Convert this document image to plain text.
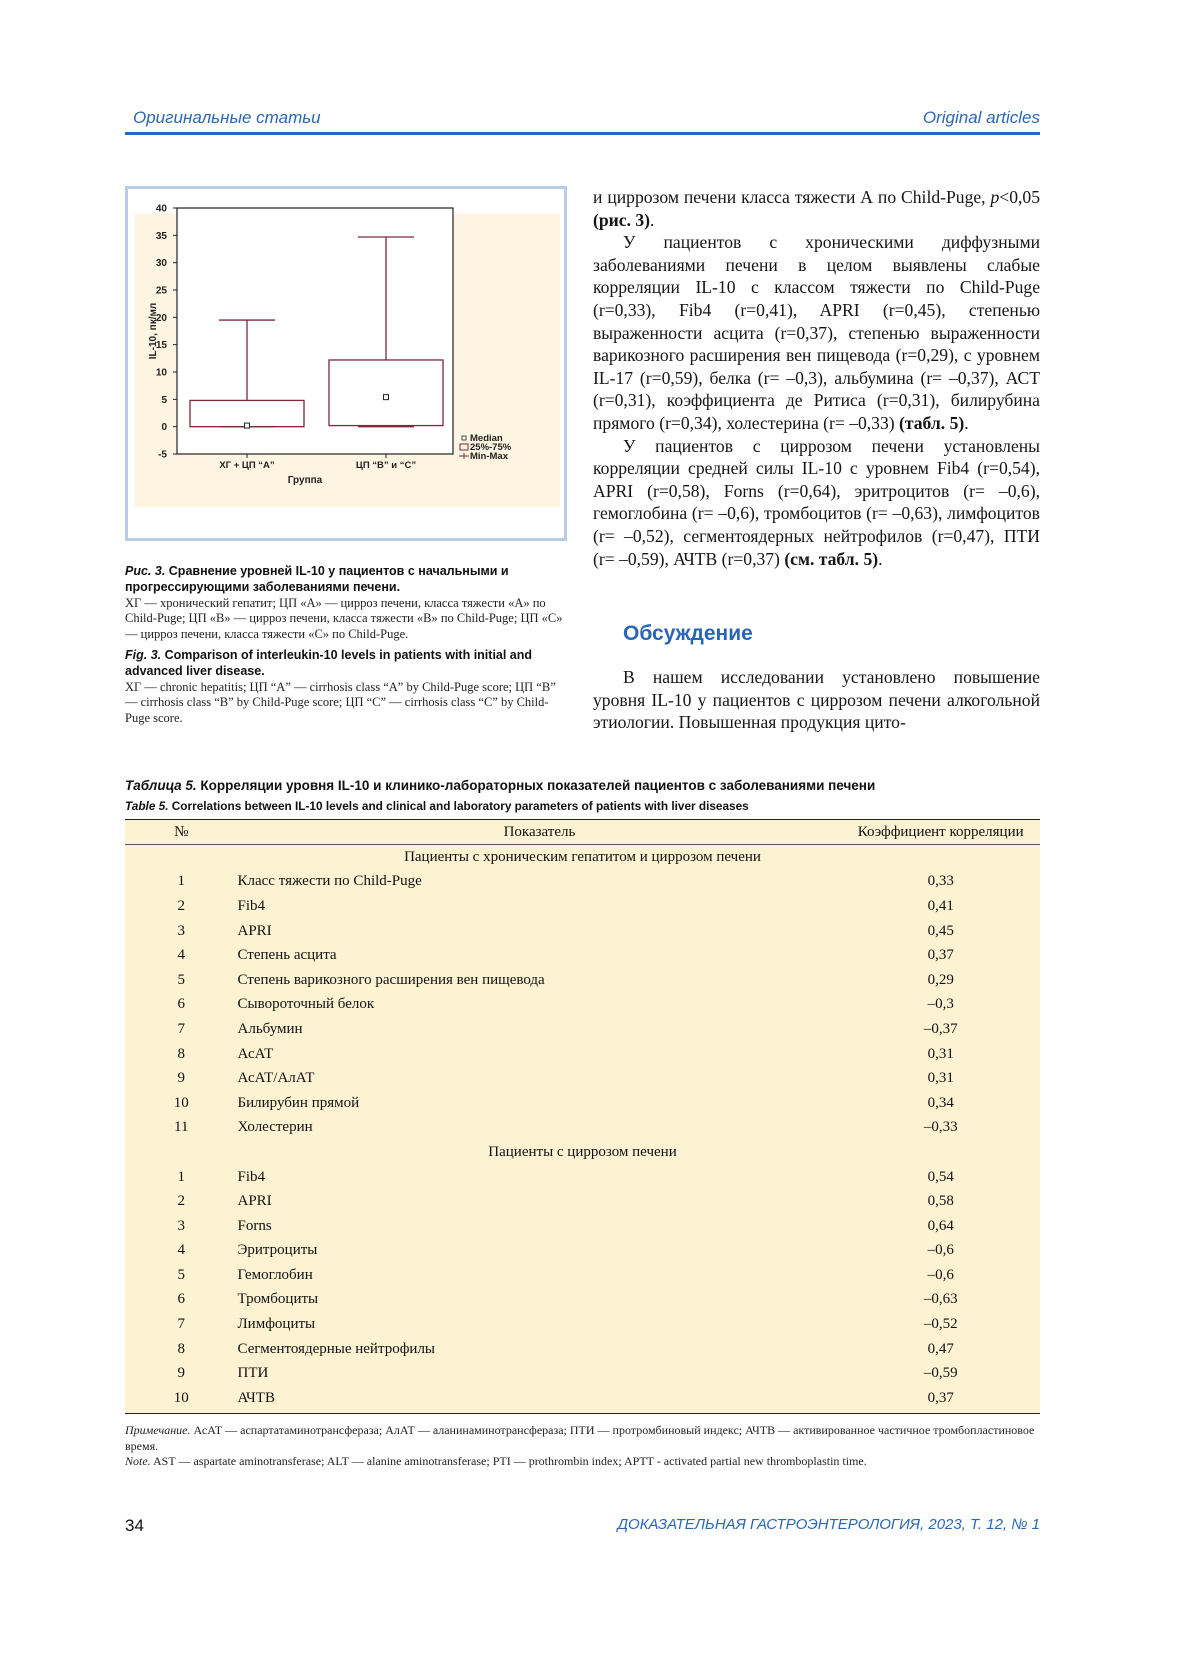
Оригинальные статьи	Original articles
40
35
30
25
20
15
10
5
0
-5
IL-10, пк/мл
ХГ + ЦП “А”	ЦП “В” и “С”
Группа
Median
25%-75%
Min-Max
Рис. 3. Сравнение уровней IL-10 у пациентов с начальными и прогрессирующими заболеваниями печени.
ХГ — хронический гепатит; ЦП «А» — цирроз печени, класса тяжести «А» по Child-Puge; ЦП «В» — цирроз печени, класса тяжести «В» по Child-Puge; ЦП «С» — цирроз печени, класса тяжести «С» по Child-Puge.
Fig. 3. Comparison of interleukin-10 levels in patients with initial and advanced liver disease.
ХГ — chronic hepatitis; ЦП “А” — cirrhosis class “A” by Child-Puge score; ЦП “В” — cirrhosis class “B” by Child-Puge score; ЦП “С” — cirrhosis class “C” by Child-Puge score.

и циррозом печени класса тяжести А по Child-Puge, p<0,05 (рис. 3).

У пациентов с хроническими диффузными заболеваниями печени в целом выявлены слабые корреляции IL-10 с классом тяжести по Child-Puge (r=0,33), Fib4 (r=0,41), APRI (r=0,45), степенью выраженности асцита (r=0,37), степенью выраженности варикозного расширения вен пищевода (r=0,29), с уровнем IL-17 (r=0,59), белка (r= –0,3), альбумина (r= –0,37), АСТ (r=0,31), коэффициента де Ритиса (r=0,31), билирубина прямого (r=0,34), холестерина (r= –0,33) (табл. 5).

У пациентов с циррозом печени установлены корреляции средней силы IL-10 с уровнем Fib4 (r=0,54), APRI (r=0,58), Forns (r=0,64), эритроцитов (r= –0,6), гемоглобина (r= –0,6), тромбоцитов (r= –0,63), лимфоцитов (r= –0,52), сегментоядерных нейтрофилов (r=0,47), ПТИ (r= –0,59), АЧТВ (r=0,37) (см. табл. 5).

Обсуждение

В нашем исследовании установлено повышение уровня IL-10 у пациентов с циррозом печени алкогольной этиологии. Повышенная продукция цито-

Таблица 5. Корреляции уровня IL-10 и клинико-лабораторных показателей пациентов с заболеваниями печени
Table 5. Correlations between IL-10 levels and clinical and laboratory parameters of patients with liver diseases
№	Показатель	Коэффициент корреляции
Пациенты с хроническим гепатитом и циррозом печени		
1	Класс тяжести по Child-Puge	0,33
2	Fib4	0,41
3	APRI	0,45
4	Степень асцита	0,37
5	Степень варикозного расширения вен пищевода	0,29
6	Сывороточный белок	–0,3
7	Альбумин	–0,37
8	АсАТ	0,31
9	АсАТ/АлАТ	0,31
10	Билирубин прямой	0,34
11	Холестерин	–0,33
Пациенты с циррозом печени		
1	Fib4	0,54
2	APRI	0,58
3	Forns	0,64
4	Эритроциты	–0,6
5	Гемоглобин	–0,6
6	Тромбоциты	–0,63
7	Лимфоциты	–0,52
8	Сегментоядерные нейтрофилы	0,47
9	ПТИ	–0,59
10	АЧТВ	0,37
Примечание. АсАТ — аспартатаминотрансфераза; АлАТ — аланинаминотрансфераза; ПТИ — протромбиновый индекс; АЧТВ — активированное частичное тромбопластиновое время.
Note. AST — aspartate aminotransferase; ALT — alanine aminotransferase; PTI — prothrombin index; APTT - activated partial new thromboplastin time.
34	ДОКАЗАТЕЛЬНАЯ ГАСТРОЭНТЕРОЛОГИЯ, 2023, Т. 12, № 1
